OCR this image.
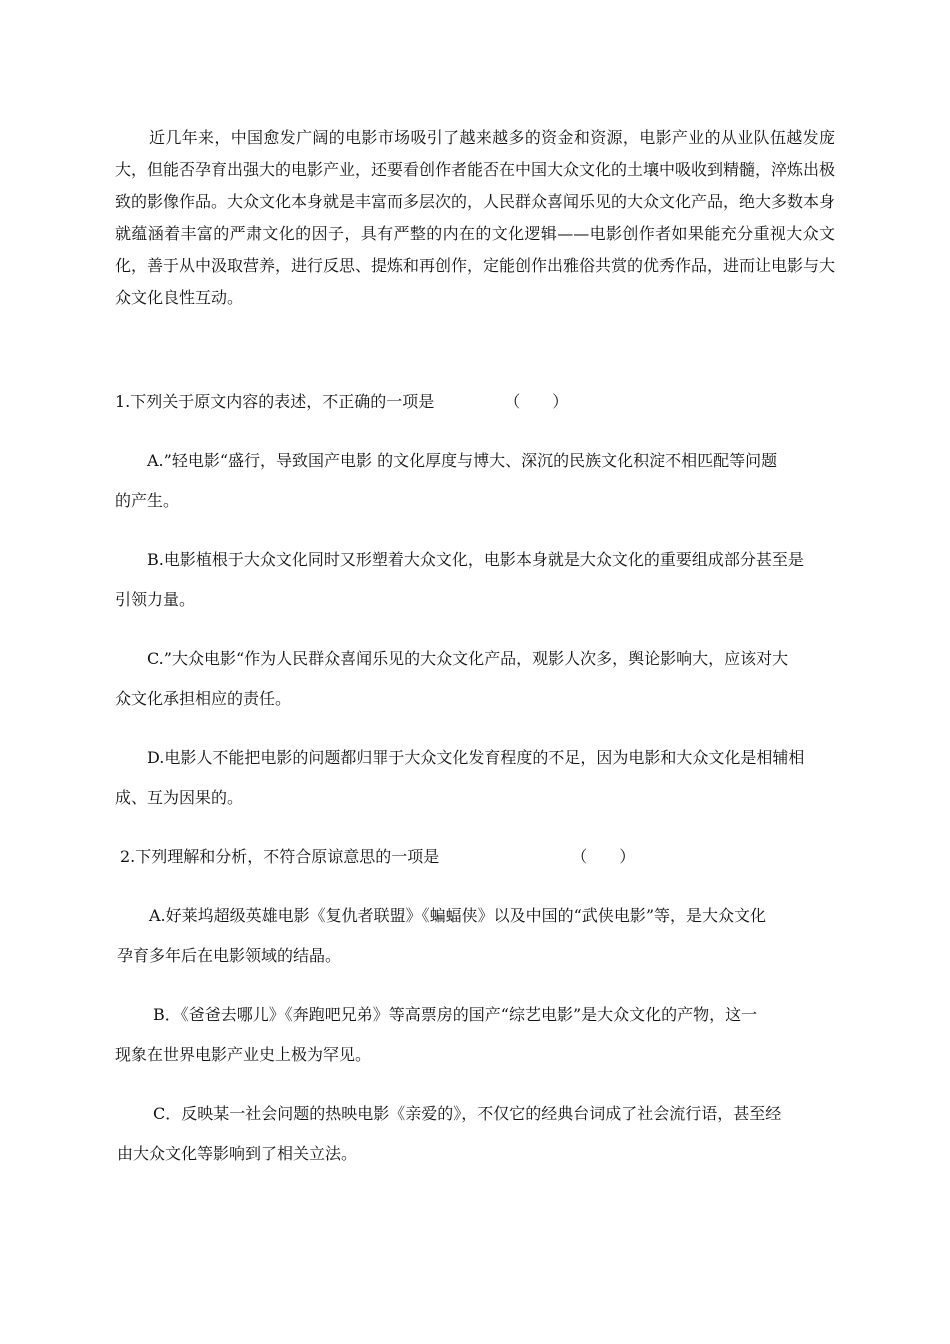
近几年来，中国愈发广阔的电影市场吸引了越来越多的资金和资源，电影产业的从业队伍越发庞大，但能否孕育出强大的电影产业，还要看创作者能否在中国大众文化的土壤中吸收到精髓，淬炼出极致的影像作品。大众文化本身就是丰富而多层次的，人民群众喜闻乐见的大众文化产品，绝大多数本身就蕴涵着丰富的严肃文化的因子，具有严整的内在的文化逻辑——电影创作者如果能充分重视大众文化，善于从中汲取营养，进行反思、提炼和再创作，定能创作出雅俗共赏的优秀作品，进而让电影与大众文化良性互动。

1.下列关于原文内容的表述，不正确的一项是	（　　）

A.”轻电影“盛行，导致国产电影 的文化厚度与博大、深沉的民族文化积淀不相匹配等问题

的产生。

B.电影植根于大众文化同时又形塑着大众文化，电影本身就是大众文化的重要组成部分甚至是

引领力量。

C.”大众电影“作为人民群众喜闻乐见的大众文化产品，观影人次多，舆论影响大，应该对大

众文化承担相应的责任。

D.电影人不能把电影的问题都归罪于大众文化发育程度的不足，因为电影和大众文化是相辅相

成、互为因果的。

2.下列理解和分析，不符合原谅意思的一项是	（　　）

A.好莱坞超级英雄电影《复仇者联盟》《蝙蝠侠》以及中国的“武侠电影”等，是大众文化

孕育多年后在电影领域的结晶。

B．《爸爸去哪儿》《奔跑吧兄弟》等高票房的国产“综艺电影”是大众文化的产物，这一

现象在世界电影产业史上极为罕见。

C．反映某一社会问题的热映电影《亲爱的》，不仅它的经典台词成了社会流行语，甚至经

由大众文化等影响到了相关立法。
